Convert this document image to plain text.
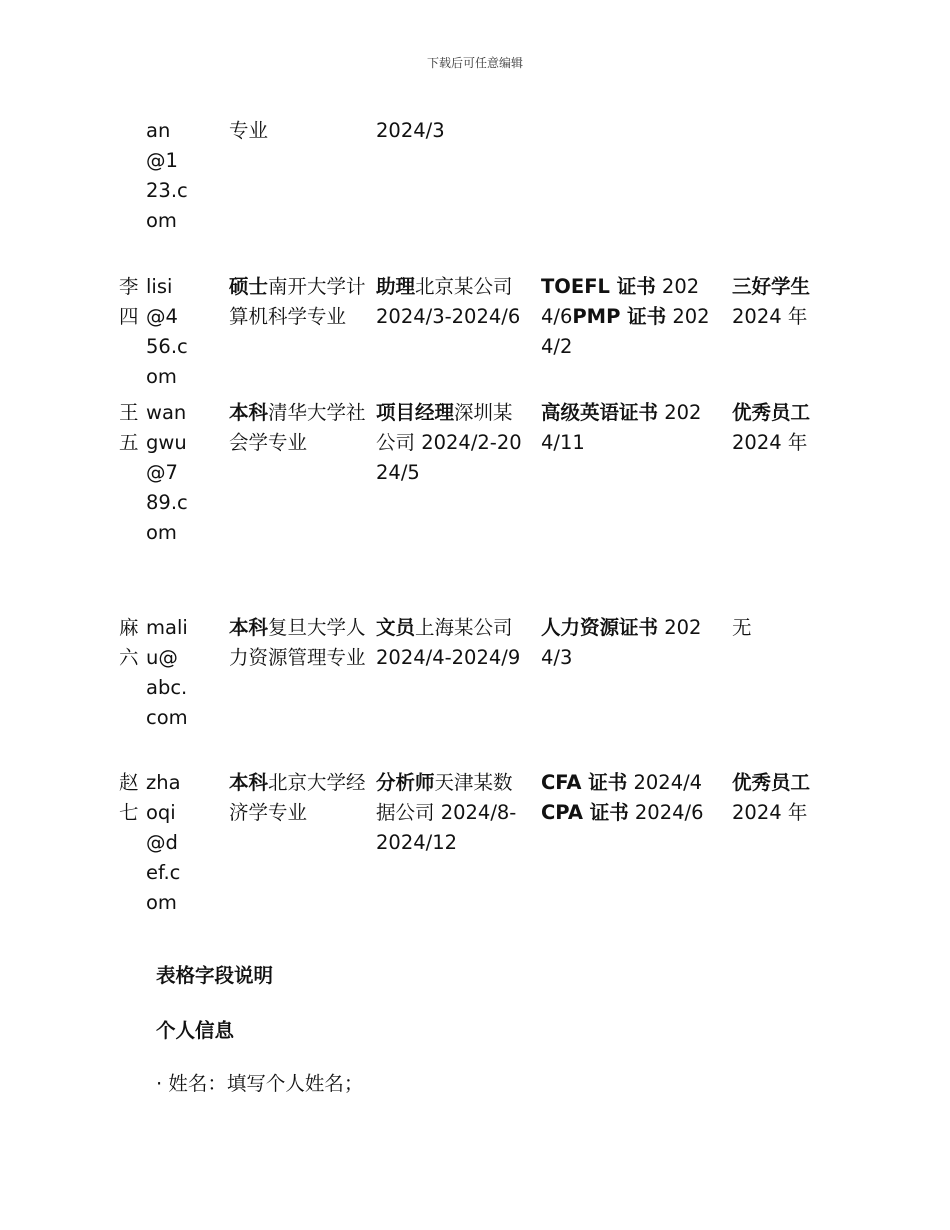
下载后可任意编辑
an@123.com
专业	2024/3
李四
lisi@456.com
硕士南开大学计算机科学专业
助理北京某公司 2024/3-2024/6
TOEFL 证书 2024/6PMP 证书 2024/2
三好学生
2024 年
王五
wangwu@789.com
本科清华大学社会学专业
项目经理深圳某公司 2024/2-2024/5
高级英语证书 2024/11
优秀员工
2024 年
麻六
maliu@abc.com
本科复旦大学人力资源管理专业
文员上海某公司 2024/4-2024/9
人力资源证书 2024/3
无
赵七
zhaoqi@def.com
本科北京大学经济学专业
分析师天津某数据公司 2024/8-2024/12
CFA 证书 2024/4CPA 证书 2024/6
优秀员工
2024 年
表格字段说明
个人信息
· 姓名：填写个人姓名；
